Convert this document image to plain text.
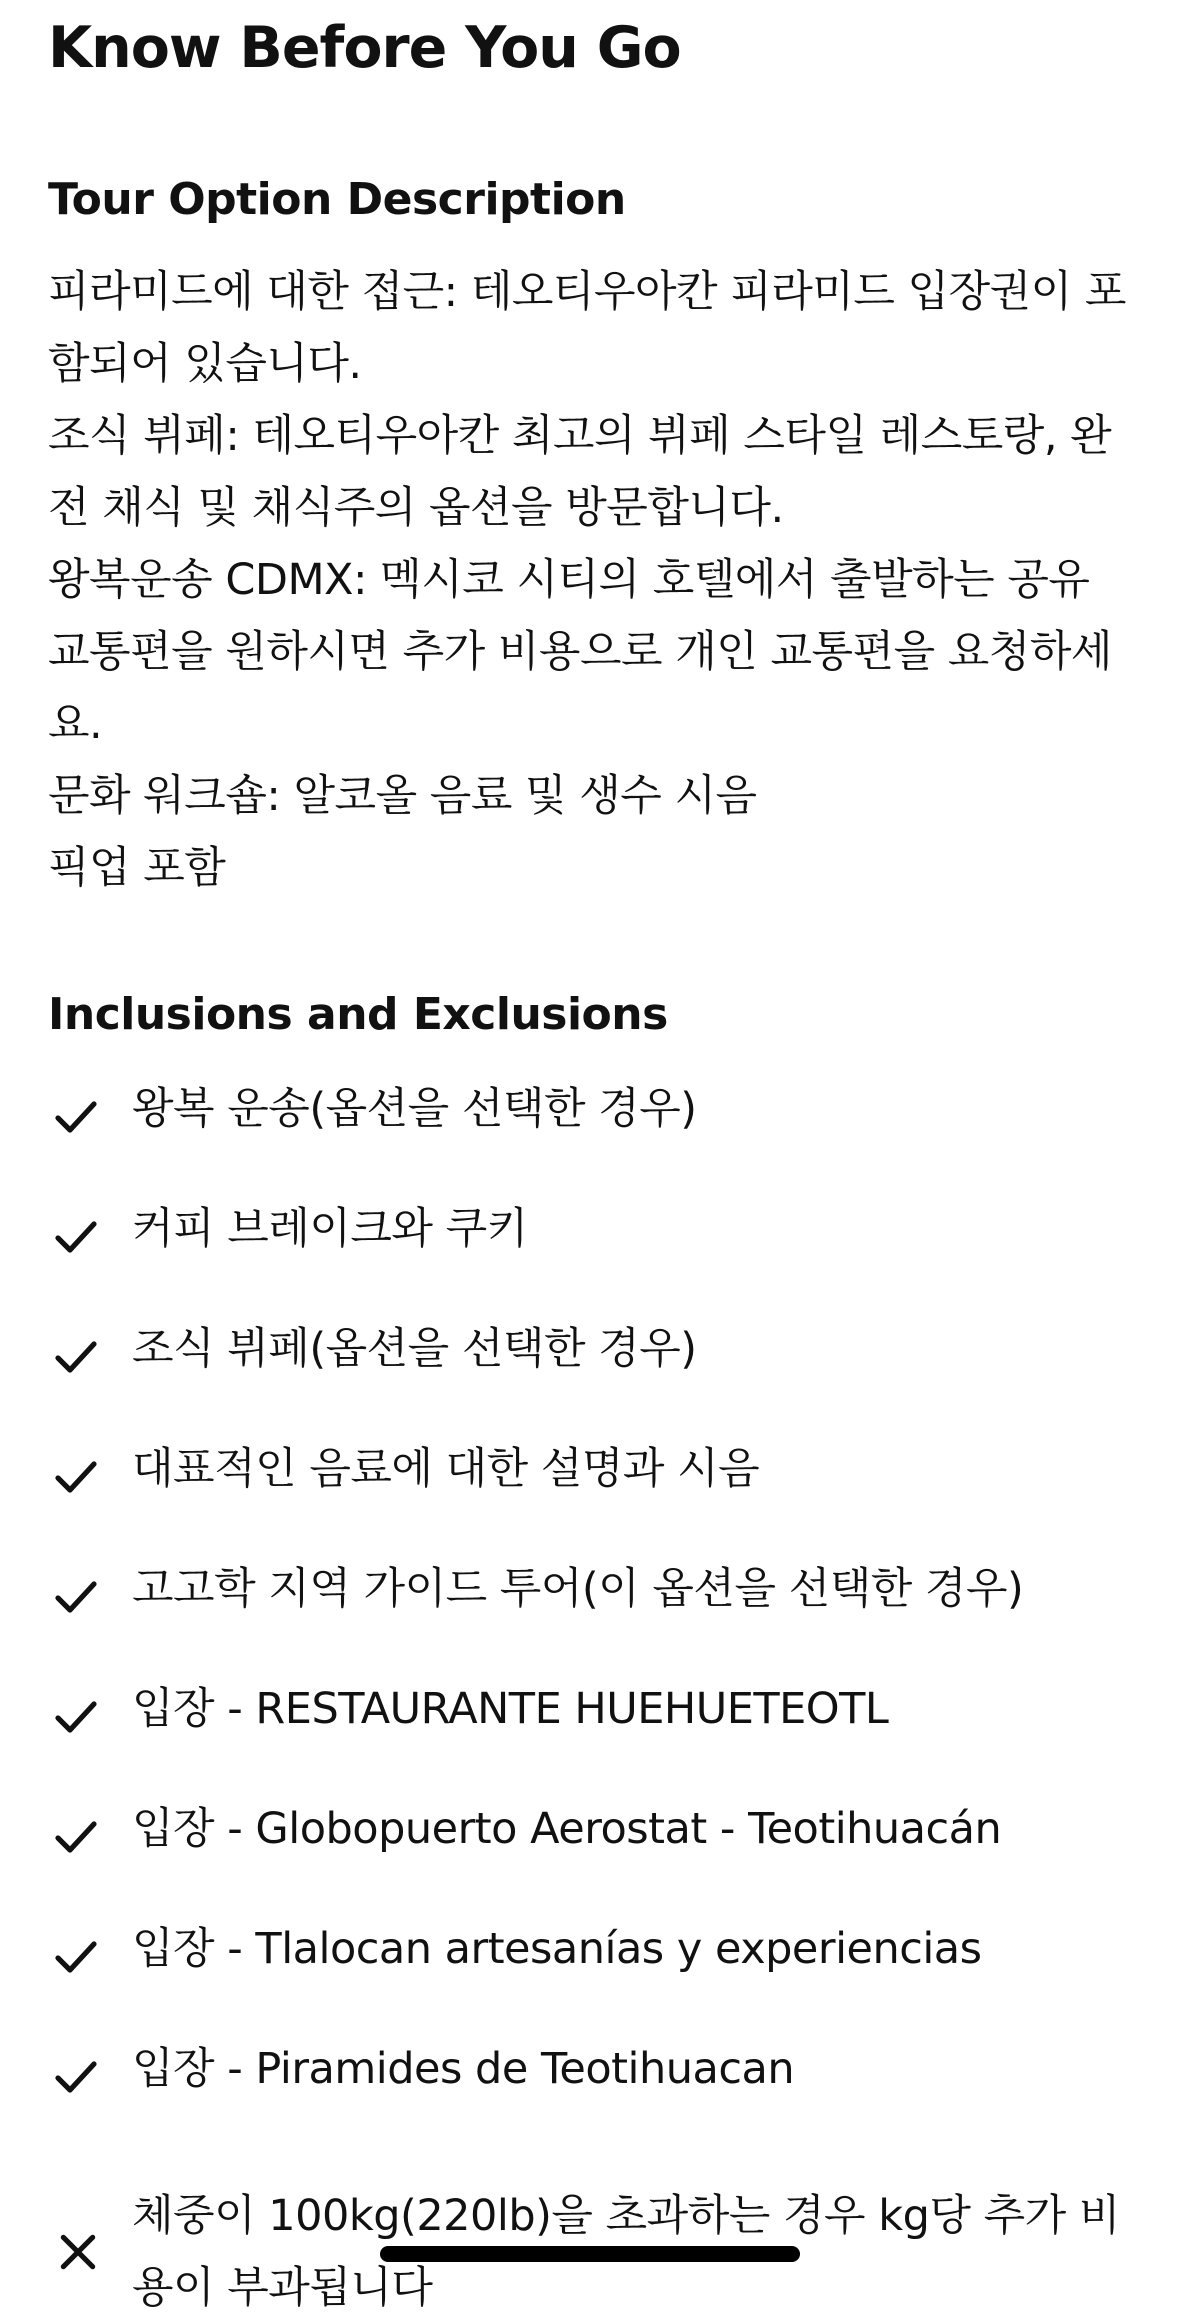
Know Before You Go
Tour Option Description

피라미드에 대한 접근: 테오티우아칸 피라미드 입장권이 포함되어 있습니다.
조식 뷔페: 테오티우아칸 최고의 뷔페 스타일 레스토랑, 완전 채식 및 채식주의 옵션을 방문합니다.
왕복운송 CDMX: 멕시코 시티의 호텔에서 출발하는 공유 교통편을 원하시면 추가 비용으로 개인 교통편을 요청하세요.
문화 워크숍: 알코올 음료 및 생수 시음
픽업 포함

Inclusions and Exclusions
왕복 운송(옵션을 선택한 경우)
커피 브레이크와 쿠키
조식 뷔페(옵션을 선택한 경우)
대표적인 음료에 대한 설명과 시음
고고학 지역 가이드 투어(이 옵션을 선택한 경우)
입장 - RESTAURANTE HUEHUETEOTL
입장 - Globopuerto Aerostat - Teotihuacán
입장 - Tlalocan artesanías y experiencias
입장 - Piramides de Teotihuacan
체중이 100kg(220lb)을 초과하는 경우 kg당 추가 비용이 부과됩니다
